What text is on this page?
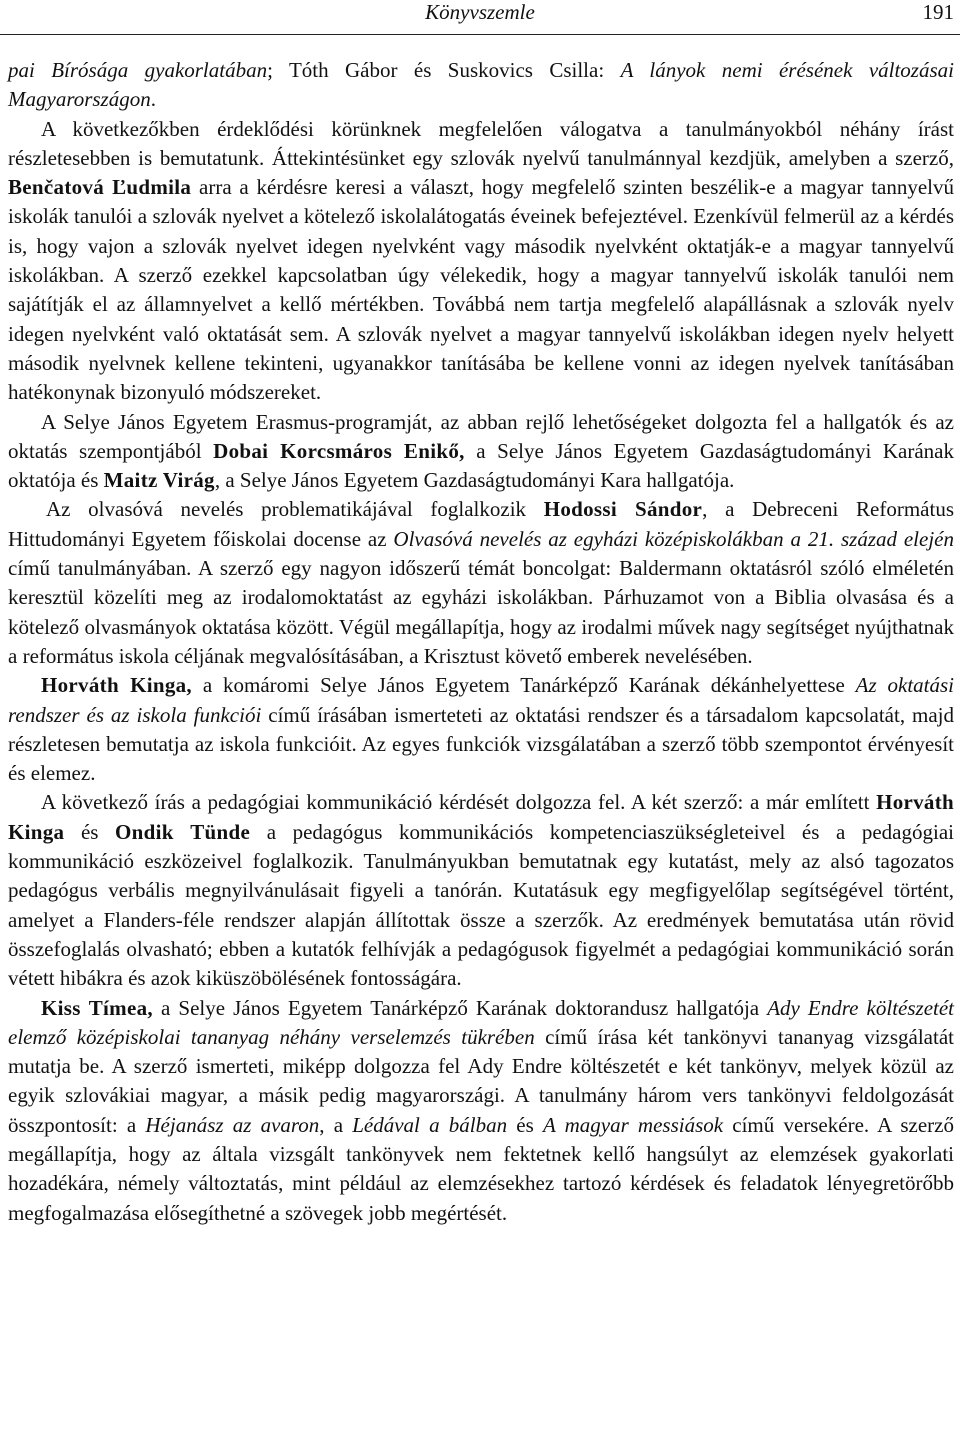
Könyvszemle	191

pai Bírósága gyakorlatában; Tóth Gábor és Suskovics Csilla: A lányok nemi érésének változásai Magyarországon.

A következőkben érdeklődési körünknek megfelelően válogatva a tanulmányokból néhány írást részletesebben is bemutatunk. Áttekintésünket egy szlovák nyelvű tanulmánnyal kezdjük, amelyben a szerző, Benčatová Ľudmila arra a kérdésre keresi a választ, hogy megfelelő szinten beszélik-e a magyar tannyelvű iskolák tanulói a szlovák nyelvet a kötelező iskolalátogatás éveinek befejeztével. Ezenkívül felmerül az a kérdés is, hogy vajon a szlovák nyelvet idegen nyelvként vagy második nyelvként oktatják-e a magyar tannyelvű iskolákban. A szerző ezekkel kapcsolatban úgy vélekedik, hogy a magyar tannyelvű iskolák tanulói nem sajátítják el az államnyelvet a kellő mértékben. Továbbá nem tartja megfelelő alapállásnak a szlovák nyelv idegen nyelvként való oktatását sem. A szlovák nyelvet a magyar tannyelvű iskolákban idegen nyelv helyett második nyelvnek kellene tekinteni, ugyanakkor tanításába be kellene vonni az idegen nyelvek tanításában hatékonynak bizonyuló módszereket.

A Selye János Egyetem Erasmus-programját, az abban rejlő lehetőségeket dolgozta fel a hallgatók és az oktatás szempontjából Dobai Korcsmáros Enikő, a Selye János Egyetem Gazdaságtudományi Karának oktatója és Maitz Virág, a Selye János Egyetem Gazdaságtudományi Kara hallgatója.

Az olvasóvá nevelés problematikájával foglalkozik Hodossi Sándor, a Debreceni Református Hittudományi Egyetem főiskolai docense az Olvasóvá nevelés az egyházi középiskolákban a 21. század elején című tanulmányában. A szerző egy nagyon időszerű témát boncolgat: Baldermann oktatásról szóló elméletén keresztül közelíti meg az irodalomoktatást az egyházi iskolákban. Párhuzamot von a Biblia olvasása és a kötelező olvasmányok oktatása között. Végül megállapítja, hogy az irodalmi művek nagy segítséget nyújthatnak a református iskola céljának megvalósításában, a Krisztust követő emberek nevelésében.

Horváth Kinga, a komáromi Selye János Egyetem Tanárképző Karának dékánhelyettese Az oktatási rendszer és az iskola funkciói című írásában ismerteteti az oktatási rendszer és a társadalom kapcsolatát, majd részletesen bemutatja az iskola funkcióit. Az egyes funkciók vizsgálatában a szerző több szempontot érvényesít és elemez.

A következő írás a pedagógiai kommunikáció kérdését dolgozza fel. A két szerző: a már említett Horváth Kinga és Ondik Tünde a pedagógus kommunikációs kompetenciaszükségleteivel és a pedagógiai kommunikáció eszközeivel foglalkozik. Tanulmányukban bemutatnak egy kutatást, mely az alsó tagozatos pedagógus verbális megnyilvánulásait figyeli a tanórán. Kutatásuk egy megfigyelőlap segítségével történt, amelyet a Flanders-féle rendszer alapján állítottak össze a szerzők. Az eredmények bemutatása után rövid összefoglalás olvasható; ebben a kutatók felhívják a pedagógusok figyelmét a pedagógiai kommunikáció során vétett hibákra és azok kiküszöbölésének fontosságára.

Kiss Tímea, a Selye János Egyetem Tanárképző Karának doktorandusz hallgatója Ady Endre költészetét elemző középiskolai tananyag néhány verselemzés tükrében című írása két tankönyvi tananyag vizsgálatát mutatja be. A szerző ismerteti, miképp dolgozza fel Ady Endre költészetét e két tankönyv, melyek közül az egyik szlovákiai magyar, a másik pedig magyarországi. A tanulmány három vers tankönyvi feldolgozását összpontosít: a Héjanász az avaron, a Lédával a bálban és A magyar messiások című versekére. A szerző megállapítja, hogy az általa vizsgált tankönyvek nem fektetnek kellő hangsúlyt az elemzések gyakorlati hozadékára, némely változtatás, mint például az elemzésekhez tartozó kérdések és feladatok lényegretörőbb megfogalmazása elősegíthetné a szövegek jobb megértését.
